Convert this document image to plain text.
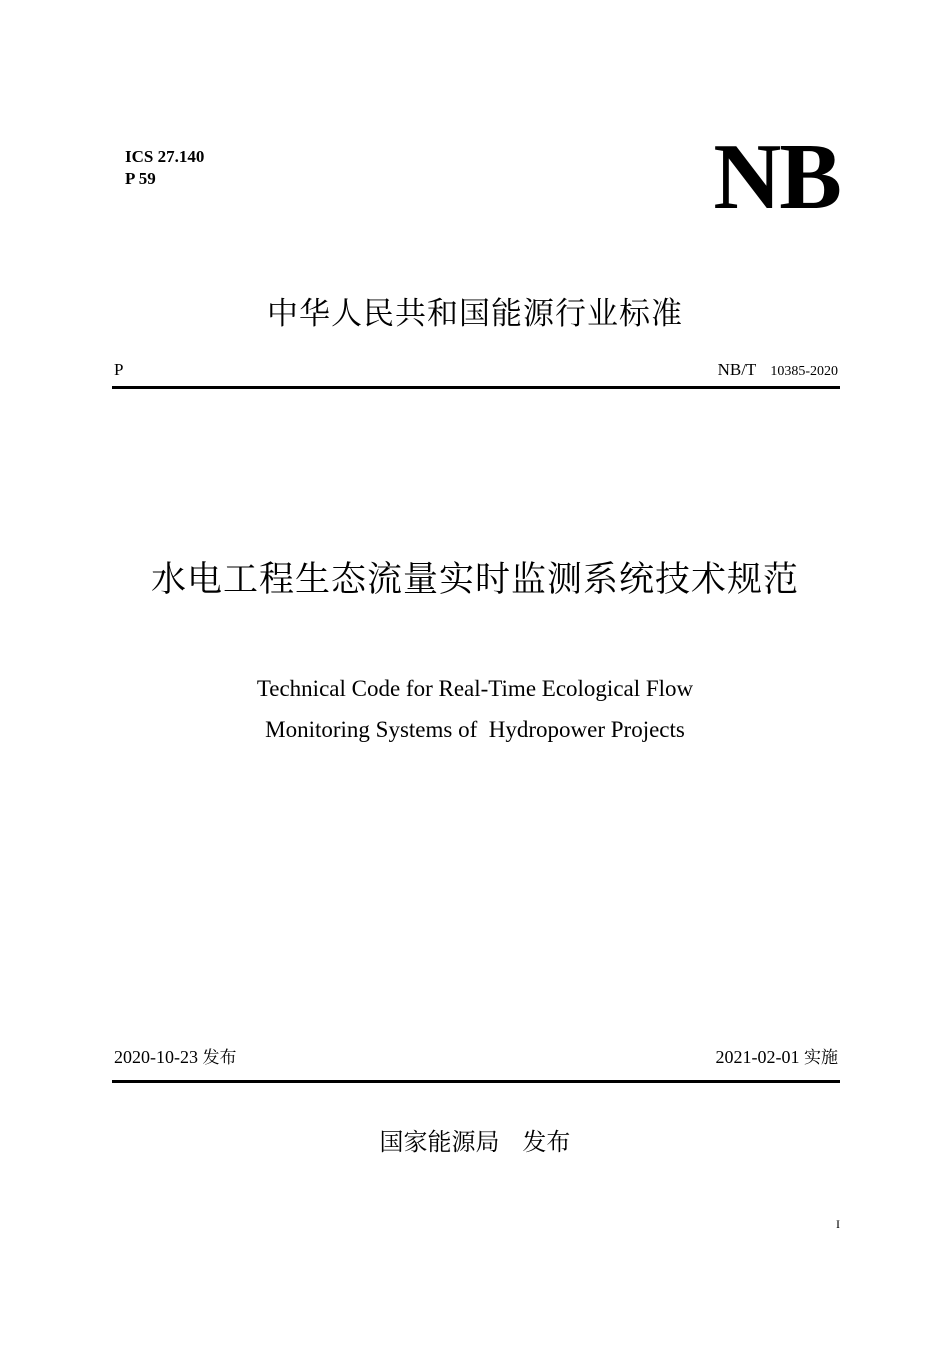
ICS 27.140
P 59	NB
中华人民共和国能源行业标准
P	NB/T 10385-2020
水电工程生态流量实时监测系统技术规范
Technical Code for Real-Time Ecological Flow
Monitoring Systems of  Hydropower Projects
2020-10-23 发布	2021-02-01 实施
国家能源局   发布
I
